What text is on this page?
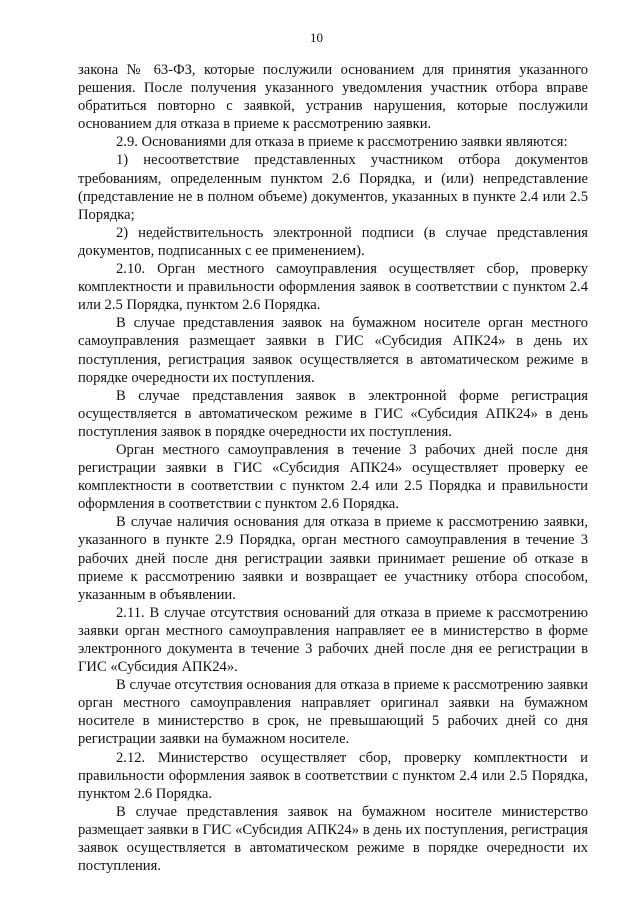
10

закона № 63-ФЗ, которые послужили основанием для принятия указанного решения. После получения указанного уведомления участник отбора вправе обратиться повторно с заявкой, устранив нарушения, которые послужили основанием для отказа в приеме к рассмотрению заявки.

2.9. Основаниями для отказа в приеме к рассмотрению заявки являются:

1) несоответствие представленных участником отбора документов требованиям, определенным пунктом 2.6 Порядка, и (или) непредставление (представление не в полном объеме) документов, указанных в пункте 2.4 или 2.5 Порядка;

2) недействительность электронной подписи (в случае представления документов, подписанных с ее применением).

2.10. Орган местного самоуправления осуществляет сбор, проверку комплектности и правильности оформления заявок в соответствии с пунктом 2.4 или 2.5 Порядка, пунктом 2.6 Порядка.

В случае представления заявок на бумажном носителе орган местного самоуправления размещает заявки в ГИС «Субсидия АПК24» в день их поступления, регистрация заявок осуществляется в автоматическом режиме в порядке очередности их поступления.

В случае представления заявок в электронной форме регистрация осуществляется в автоматическом режиме в ГИС «Субсидия АПК24» в день поступления заявок в порядке очередности их поступления.

Орган местного самоуправления в течение 3 рабочих дней после дня регистрации заявки в ГИС «Субсидия АПК24» осуществляет проверку ее комплектности в соответствии с пунктом 2.4 или 2.5 Порядка и правильности оформления в соответствии с пунктом 2.6 Порядка.

В случае наличия основания для отказа в приеме к рассмотрению заявки, указанного в пункте 2.9 Порядка, орган местного самоуправления в течение 3 рабочих дней после дня регистрации заявки принимает решение об отказе в приеме к рассмотрению заявки и возвращает ее участнику отбора способом, указанным в объявлении.

2.11. В случае отсутствия оснований для отказа в приеме к рассмотрению заявки орган местного самоуправления направляет ее в министерство в форме электронного документа в течение 3 рабочих дней после дня ее регистрации в ГИС «Субсидия АПК24».

В случае отсутствия основания для отказа в приеме к рассмотрению заявки орган местного самоуправления направляет оригинал заявки на бумажном носителе в министерство в срок, не превышающий 5 рабочих дней со дня регистрации заявки на бумажном носителе.

2.12. Министерство осуществляет сбор, проверку комплектности и правильности оформления заявок в соответствии с пунктом 2.4 или 2.5 Порядка, пунктом 2.6 Порядка.

В случае представления заявок на бумажном носителе министерство размещает заявки в ГИС «Субсидия АПК24» в день их поступления, регистрация заявок осуществляется в автоматическом режиме в порядке очередности их поступления.
